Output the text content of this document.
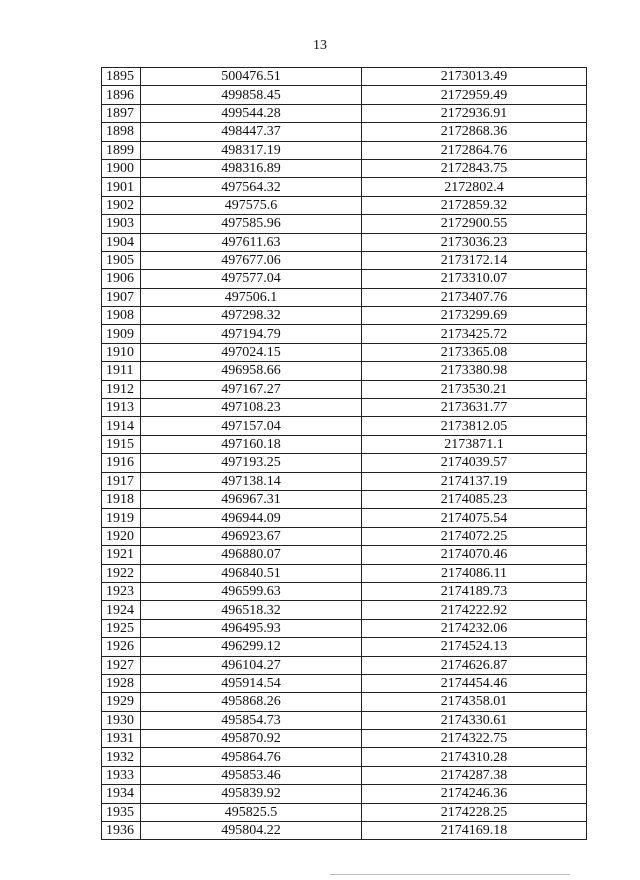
13
1895	500476.51	2173013.49
1896	499858.45	2172959.49
1897	499544.28	2172936.91
1898	498447.37	2172868.36
1899	498317.19	2172864.76
1900	498316.89	2172843.75
1901	497564.32	2172802.4
1902	497575.6	2172859.32
1903	497585.96	2172900.55
1904	497611.63	2173036.23
1905	497677.06	2173172.14
1906	497577.04	2173310.07
1907	497506.1	2173407.76
1908	497298.32	2173299.69
1909	497194.79	2173425.72
1910	497024.15	2173365.08
1911	496958.66	2173380.98
1912	497167.27	2173530.21
1913	497108.23	2173631.77
1914	497157.04	2173812.05
1915	497160.18	2173871.1
1916	497193.25	2174039.57
1917	497138.14	2174137.19
1918	496967.31	2174085.23
1919	496944.09	2174075.54
1920	496923.67	2174072.25
1921	496880.07	2174070.46
1922	496840.51	2174086.11
1923	496599.63	2174189.73
1924	496518.32	2174222.92
1925	496495.93	2174232.06
1926	496299.12	2174524.13
1927	496104.27	2174626.87
1928	495914.54	2174454.46
1929	495868.26	2174358.01
1930	495854.73	2174330.61
1931	495870.92	2174322.75
1932	495864.76	2174310.28
1933	495853.46	2174287.38
1934	495839.92	2174246.36
1935	495825.5	2174228.25
1936	495804.22	2174169.18
